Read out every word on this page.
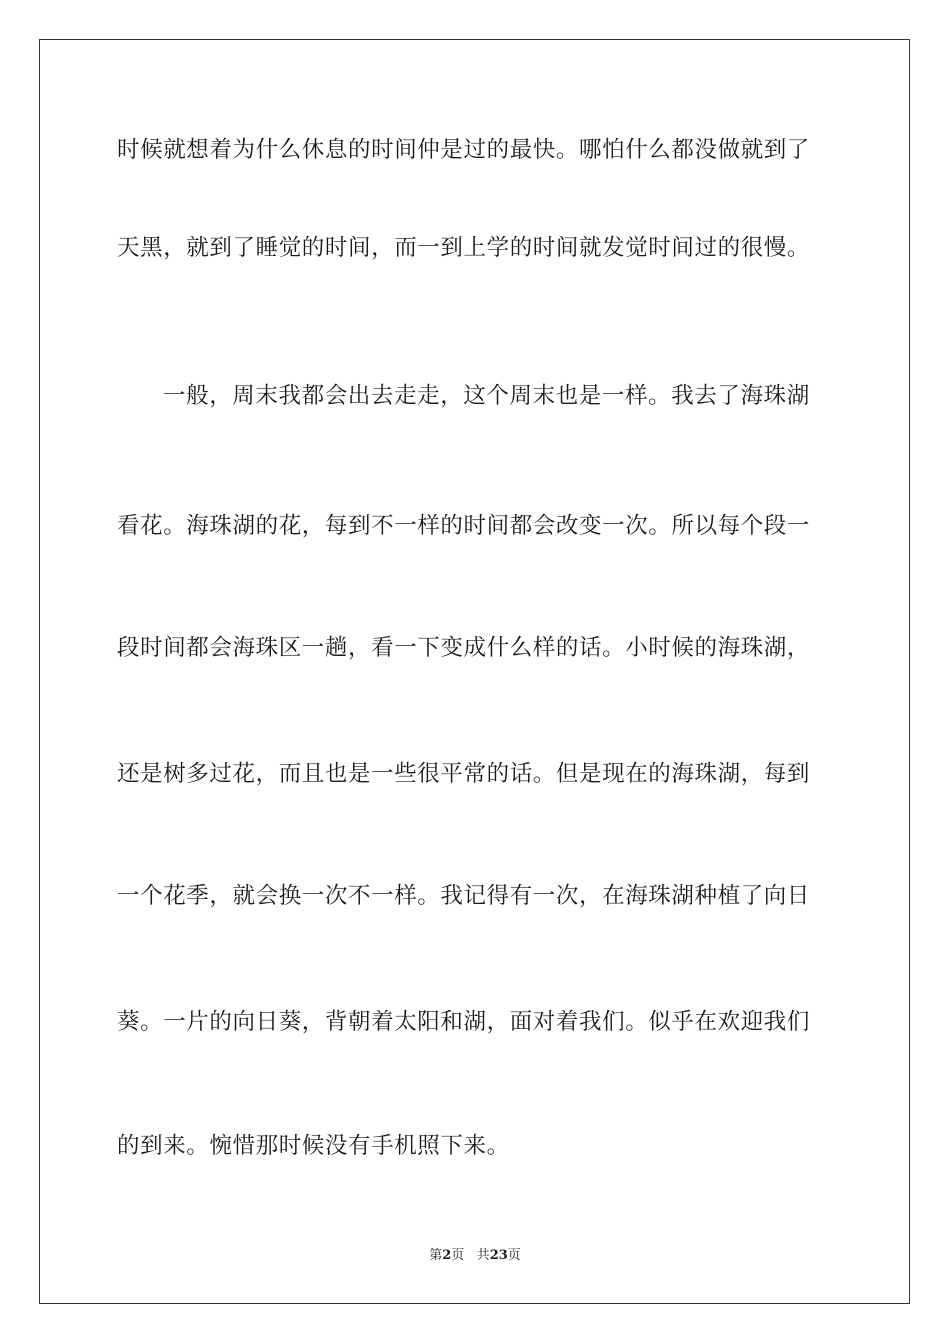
时候就想着为什么休息的时间仲是过的最快。哪怕什么都没做就到了
天黑，就到了睡觉的时间，而一到上学的时间就发觉时间过的很慢。
一般，周末我都会出去走走，这个周末也是一样。我去了海珠湖
看花。海珠湖的花，每到不一样的时间都会改变一次。所以每个段一
段时间都会海珠区一趟，看一下变成什么样的话。小时候的海珠湖，
还是树多过花，而且也是一些很平常的话。但是现在的海珠湖，每到
一个花季，就会换一次不一样。我记得有一次，在海珠湖种植了向日
葵。一片的向日葵，背朝着太阳和湖，面对着我们。似乎在欢迎我们
的到来。惋惜那时候没有手机照下来。
第2页 共23页
